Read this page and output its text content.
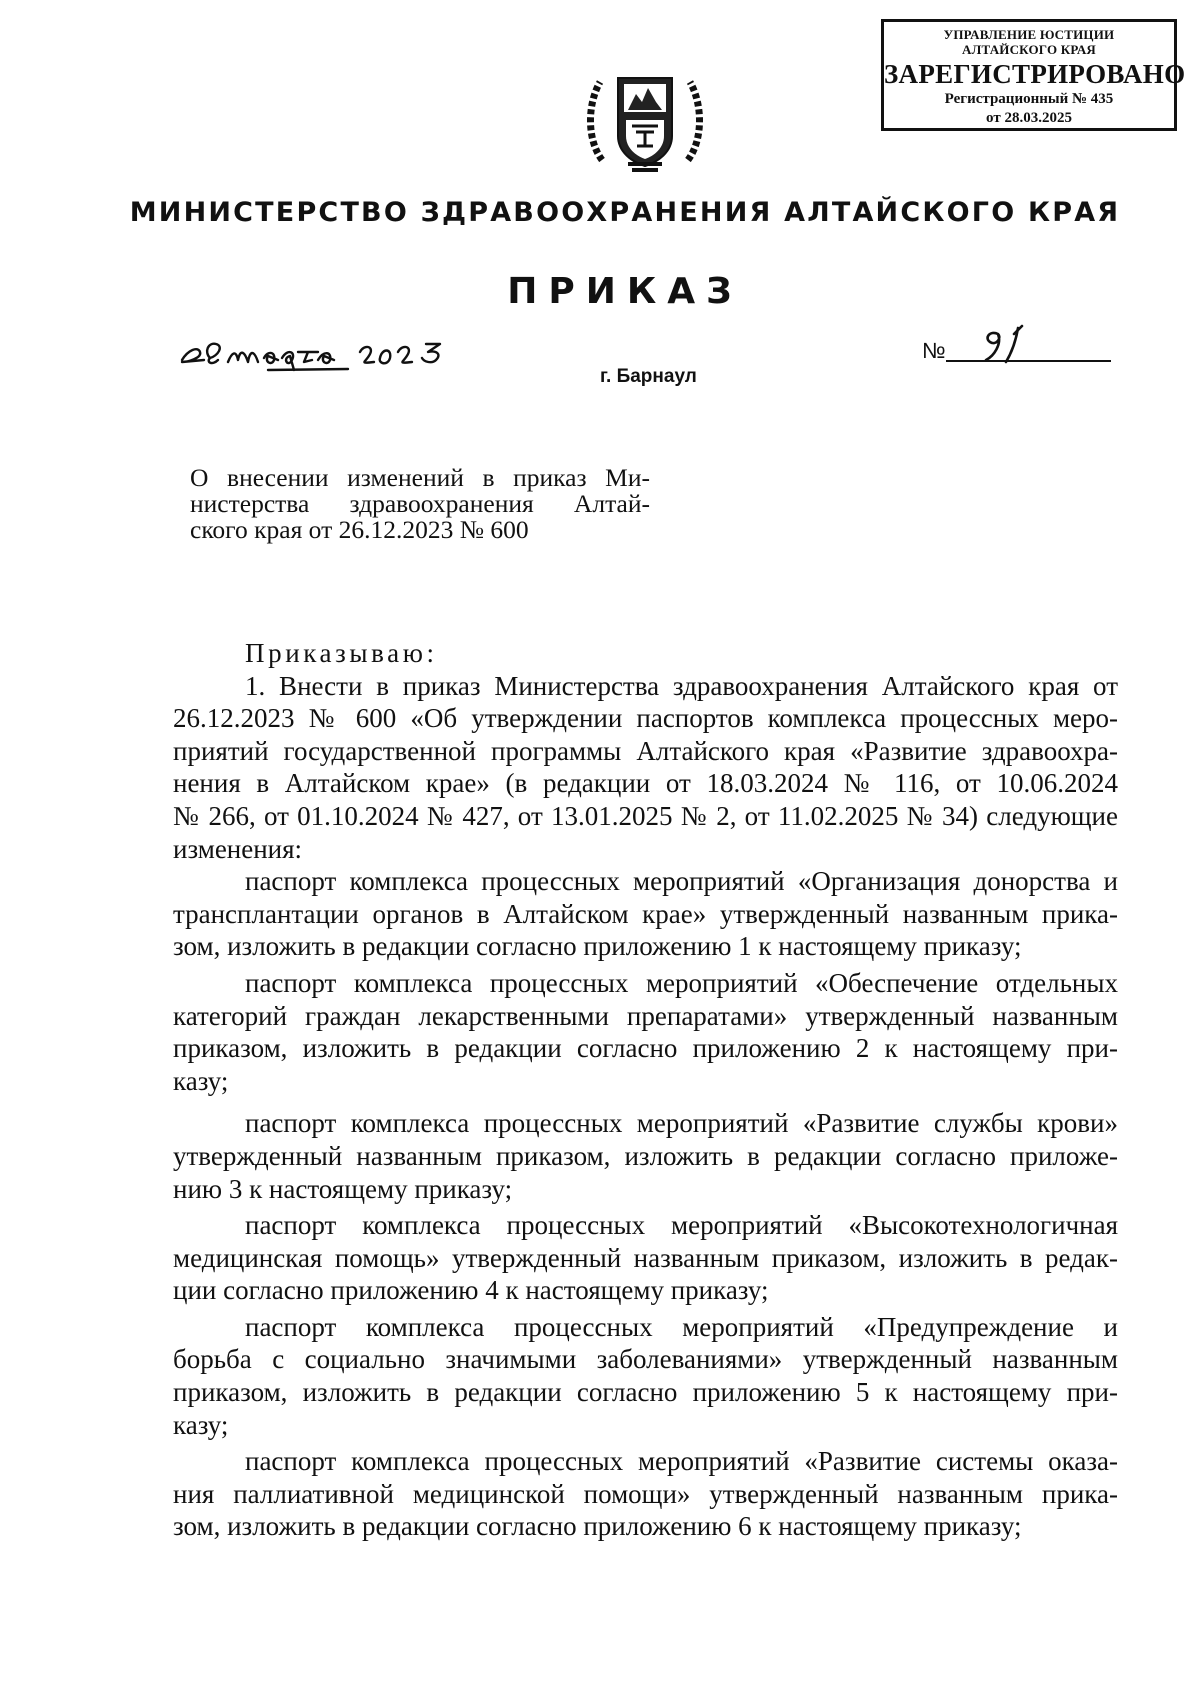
УПРАВЛЕНИЕ ЮСТИЦИИ
АЛТАЙСКОГО КРАЯ
ЗАРЕГИСТРИРОВАНО
Регистрационный № 435
от 28.03.2025
МИНИСТЕРСТВО ЗДРАВООХРАНЕНИЯ АЛТАЙСКОГО КРАЯ
ПРИКАЗ
№
г. Барнаул
О внесении изменений в приказ Ми-
нистерства здравоохранения Алтай-
ского края от 26.12.2023 № 600
Приказываю:
1. Внести в приказ Министерства здравоохранения Алтайского края от
26.12.2023 № 600 «Об утверждении паспортов комплекса процессных меро-
приятий государственной программы Алтайского края «Развитие здравоохра-
нения в Алтайском крае» (в редакции от 18.03.2024 № 116, от 10.06.2024
№ 266, от 01.10.2024 № 427, от 13.01.2025 № 2, от 11.02.2025 № 34) следующие
изменения:
паспорт комплекса процессных мероприятий «Организация донорства и
трансплантации органов в Алтайском крае» утвержденный названным прика-
зом, изложить в редакции согласно приложению 1 к настоящему приказу;
паспорт комплекса процессных мероприятий «Обеспечение отдельных
категорий граждан лекарственными препаратами» утвержденный названным
приказом, изложить в редакции согласно приложению 2 к настоящему при-
казу;
паспорт комплекса процессных мероприятий «Развитие службы крови»
утвержденный названным приказом, изложить в редакции согласно приложе-
нию 3 к настоящему приказу;
паспорт комплекса процессных мероприятий «Высокотехнологичная
медицинская помощь» утвержденный названным приказом, изложить в редак-
ции согласно приложению 4 к настоящему приказу;
паспорт комплекса процессных мероприятий «Предупреждение и
борьба с социально значимыми заболеваниями» утвержденный названным
приказом, изложить в редакции согласно приложению 5 к настоящему при-
казу;
паспорт комплекса процессных мероприятий «Развитие системы оказа-
ния паллиативной медицинской помощи» утвержденный названным прика-
зом, изложить в редакции согласно приложению 6 к настоящему приказу;
